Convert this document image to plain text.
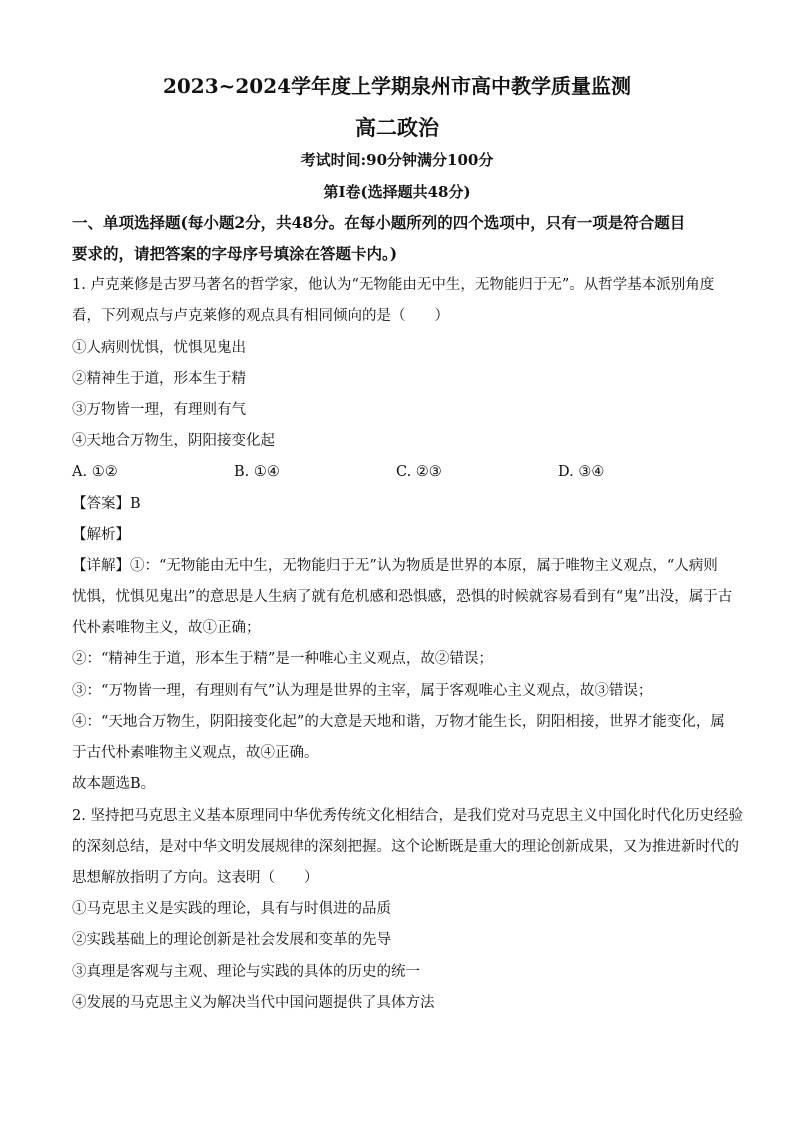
2023~2024学年度上学期泉州市高中教学质量监测
高二政治
考试时间:90分钟满分100分
第Ⅰ卷(选择题共48分)
一、单项选择题(每小题2分，共48分。在每小题所列的四个选项中，只有一项是符合题目
要求的，请把答案的字母序号填涂在答题卡内。)
1. 卢克莱修是古罗马著名的哲学家，他认为“无物能由无中生，无物能归于无”。从哲学基本派别角度
看，下列观点与卢克莱修的观点具有相同倾向的是（　　）
①人病则忧惧，忧惧见鬼出
②精神生于道，形本生于精
③万物皆一理，有理则有气
④天地合万物生，阴阳接变化起
A. ①②	B. ①④	C. ②③	D. ③④
【答案】B
【解析】
【详解】①：“无物能由无中生，无物能归于无”认为物质是世界的本原，属于唯物主义观点，“人病则
忧惧，忧惧见鬼出”的意思是人生病了就有危机感和恐惧感，恐惧的时候就容易看到有“鬼”出没，属于古
代朴素唯物主义，故①正确；
②：“精神生于道，形本生于精”是一种唯心主义观点，故②错误；
③：“万物皆一理，有理则有气”认为理是世界的主宰，属于客观唯心主义观点，故③错误；
④：“天地合万物生，阴阳接变化起”的大意是天地和谐，万物才能生长，阴阳相接，世界才能变化，属
于古代朴素唯物主义观点，故④正确。
故本题选B。
2. 坚持把马克思主义基本原理同中华优秀传统文化相结合，是我们党对马克思主义中国化时代化历史经验
的深刻总结，是对中华文明发展规律的深刻把握。这个论断既是重大的理论创新成果，又为推进新时代的
思想解放指明了方向。这表明（　　）
①马克思主义是实践的理论，具有与时俱进的品质
②实践基础上的理论创新是社会发展和变革的先导
③真理是客观与主观、理论与实践的具体的历史的统一
④发展的马克思主义为解决当代中国问题提供了具体方法
